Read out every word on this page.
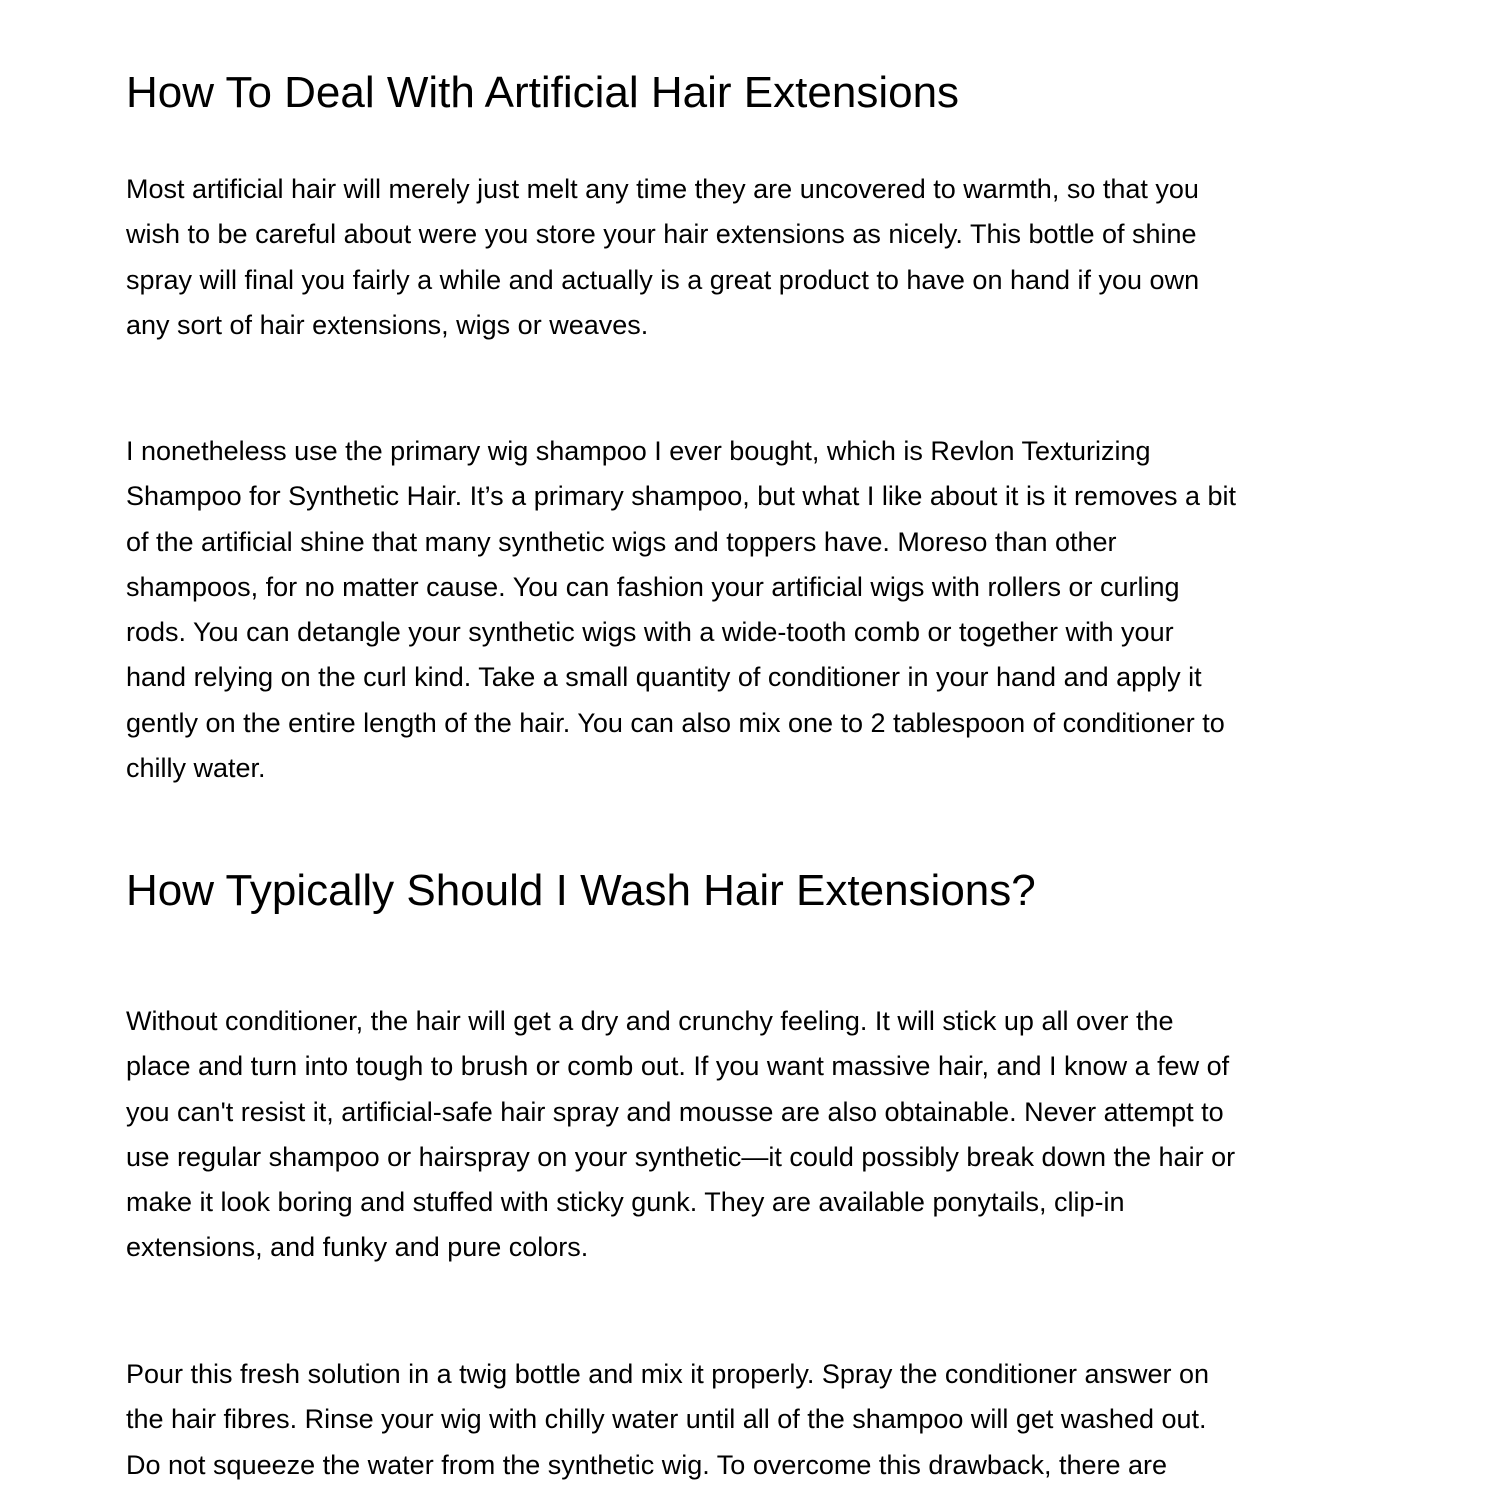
How To Deal With Artificial Hair Extensions

Most artificial hair will merely just melt any time they are uncovered to warmth, so that you
wish to be careful about were you store your hair extensions as nicely. This bottle of shine
spray will final you fairly a while and actually is a great product to have on hand if you own
any sort of hair extensions, wigs or weaves.

I nonetheless use the primary wig shampoo I ever bought, which is Revlon Texturizing
Shampoo for Synthetic Hair. It’s a primary shampoo, but what I like about it is it removes a bit
of the artificial shine that many synthetic wigs and toppers have. Moreso than other
shampoos, for no matter cause. You can fashion your artificial wigs with rollers or curling
rods. You can detangle your synthetic wigs with a wide-tooth comb or together with your
hand relying on the curl kind. Take a small quantity of conditioner in your hand and apply it
gently on the entire length of the hair. You can also mix one to 2 tablespoon of conditioner to
chilly water.

How Typically Should I Wash Hair Extensions?

Without conditioner, the hair will get a dry and crunchy feeling. It will stick up all over the
place and turn into tough to brush or comb out. If you want massive hair, and I know a few of
you can't resist it, artificial-safe hair spray and mousse are also obtainable. Never attempt to
use regular shampoo or hairspray on your synthetic—it could possibly break down the hair or
make it look boring and stuffed with sticky gunk. They are available ponytails, clip-in
extensions, and funky and pure colors.

Pour this fresh solution in a twig bottle and mix it properly. Spray the conditioner answer on
the hair fibres. Rinse your wig with chilly water until all of the shampoo will get washed out.
Do not squeeze the water from the synthetic wig. To overcome this drawback, there are
